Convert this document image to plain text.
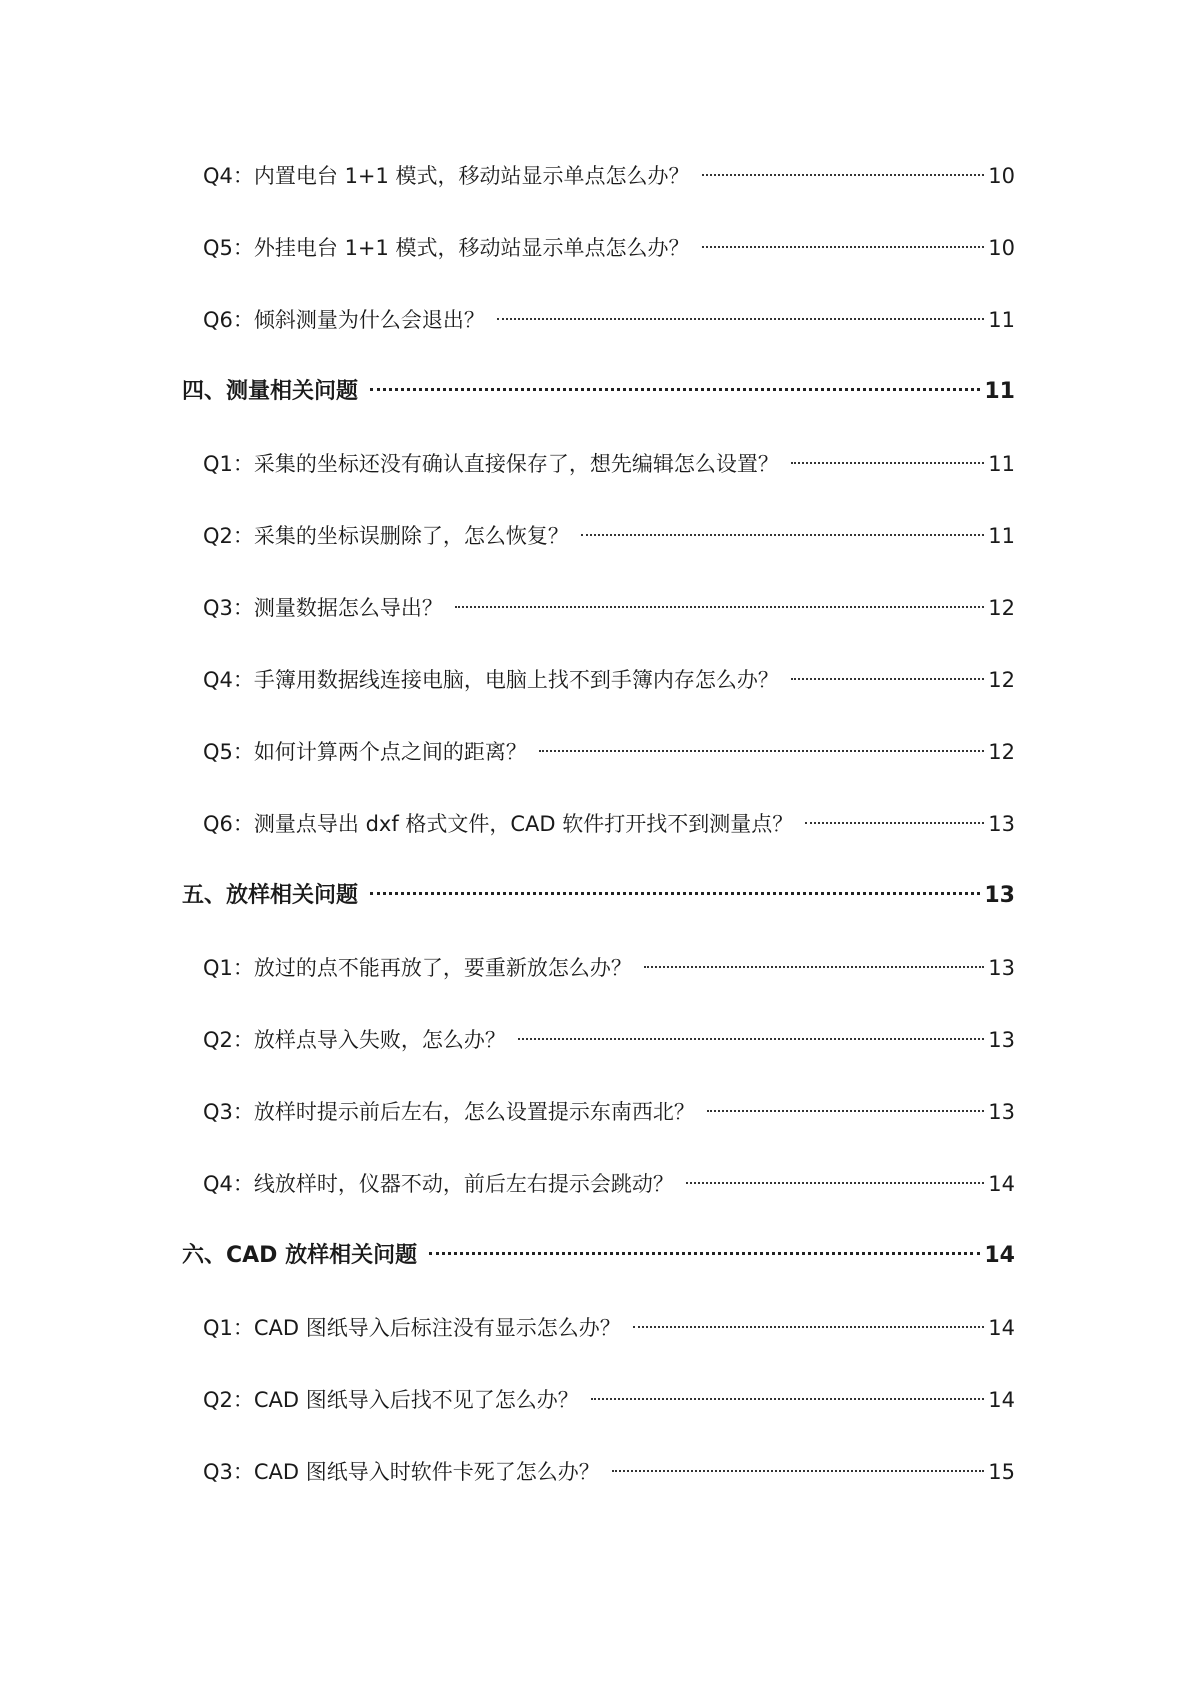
Q4：内置电台 1+1 模式，移动站显示单点怎么办？	10
Q5：外挂电台 1+1 模式，移动站显示单点怎么办？	10
Q6：倾斜测量为什么会退出？	11
四、测量相关问题	11
Q1：采集的坐标还没有确认直接保存了，想先编辑怎么设置？	11
Q2：采集的坐标误删除了，怎么恢复？	11
Q3：测量数据怎么导出？	12
Q4：手簿用数据线连接电脑，电脑上找不到手簿内存怎么办？	12
Q5：如何计算两个点之间的距离？	12
Q6：测量点导出 dxf 格式文件，CAD 软件打开找不到测量点？	13
五、放样相关问题	13
Q1：放过的点不能再放了，要重新放怎么办？	13
Q2：放样点导入失败，怎么办？	13
Q3：放样时提示前后左右，怎么设置提示东南西北？	13
Q4：线放样时，仪器不动，前后左右提示会跳动？	14
六、CAD 放样相关问题	14
Q1：CAD 图纸导入后标注没有显示怎么办？	14
Q2：CAD 图纸导入后找不见了怎么办？	14
Q3：CAD 图纸导入时软件卡死了怎么办？	15
